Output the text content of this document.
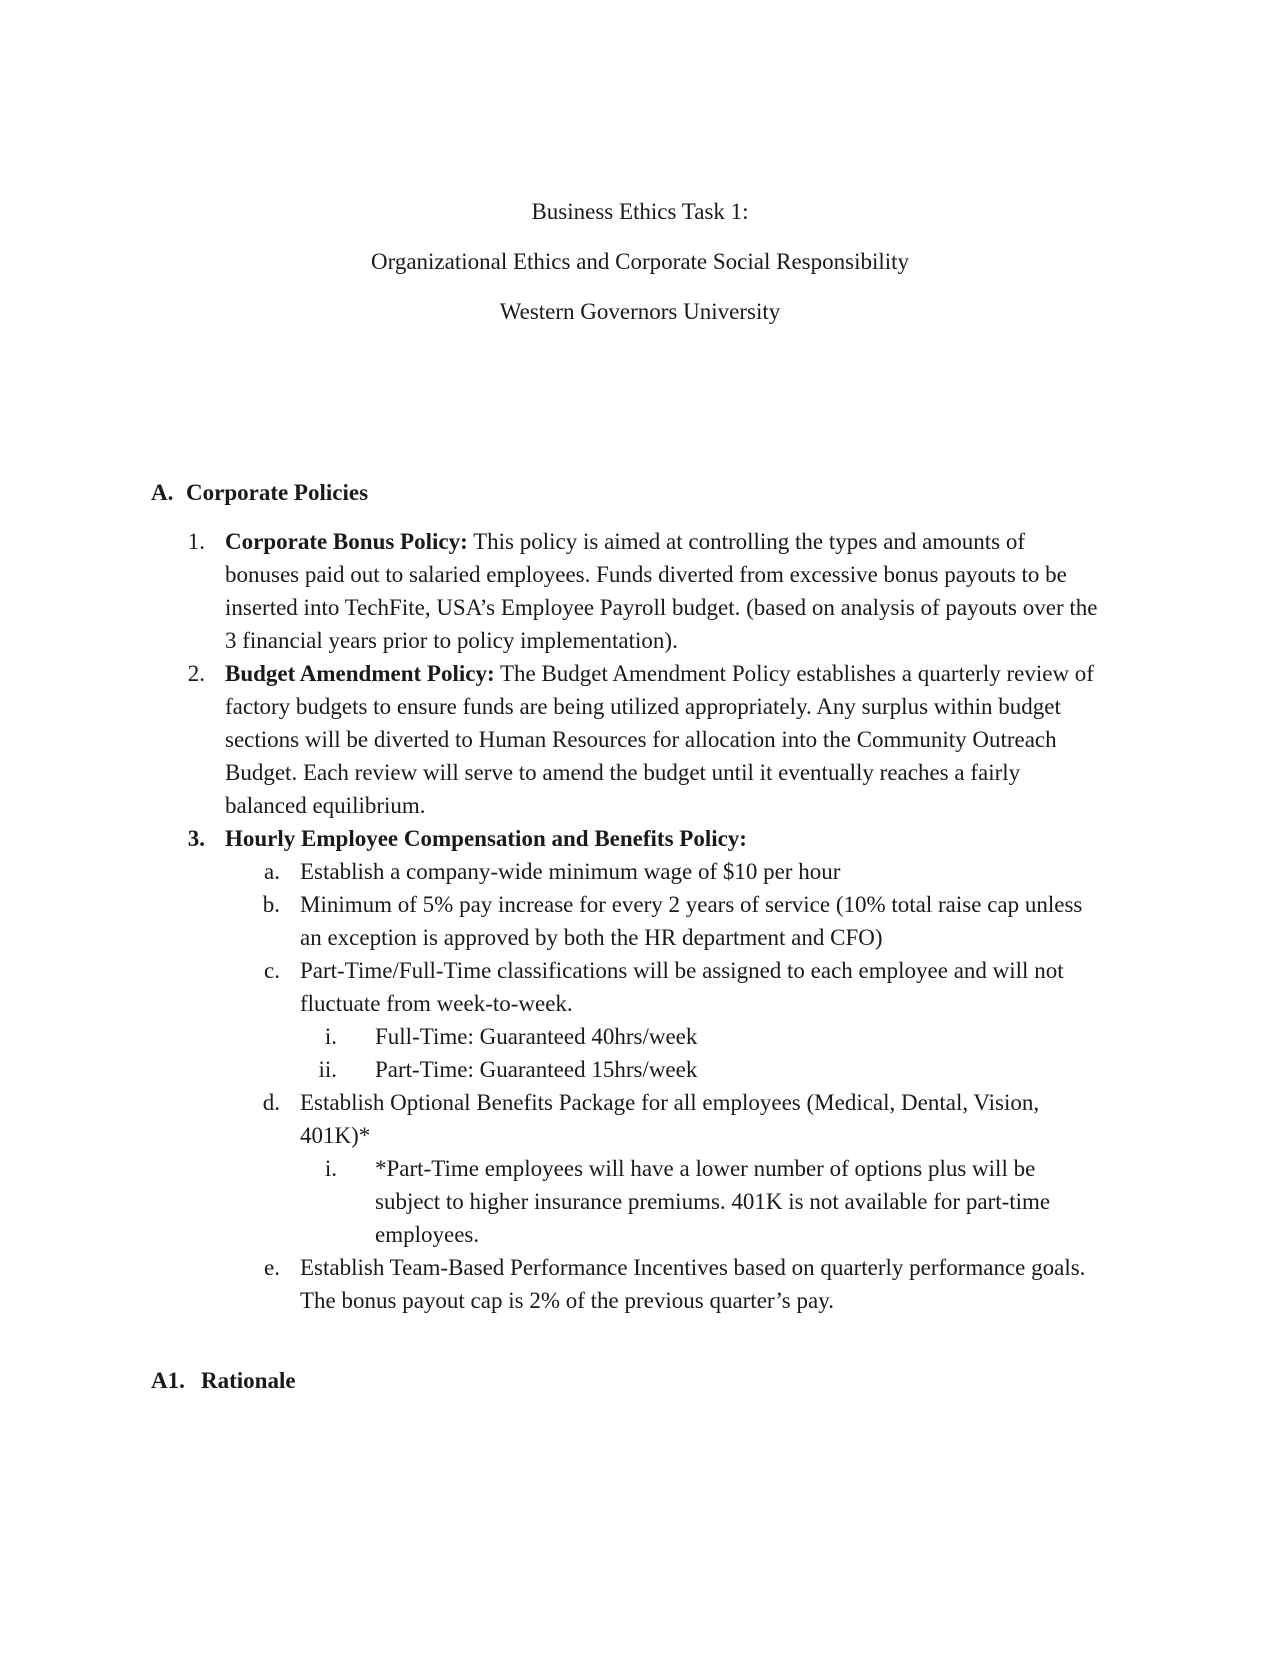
Business Ethics Task 1:

Organizational Ethics and Corporate Social Responsibility

Western Governors University

A. Corporate Policies
1. Corporate Bonus Policy: This policy is aimed at controlling the types and amounts of bonuses paid out to salaried employees. Funds diverted from excessive bonus payouts to be inserted into TechFite, USA’s Employee Payroll budget. (based on analysis of payouts over the 3 financial years prior to policy implementation).
2. Budget Amendment Policy: The Budget Amendment Policy establishes a quarterly review of factory budgets to ensure funds are being utilized appropriately. Any surplus within budget sections will be diverted to Human Resources for allocation into the Community Outreach Budget. Each review will serve to amend the budget until it eventually reaches a fairly balanced equilibrium.
3. Hourly Employee Compensation and Benefits Policy:
a. Establish a company-wide minimum wage of $10 per hour
b. Minimum of 5% pay increase for every 2 years of service (10% total raise cap unless an exception is approved by both the HR department and CFO)
c. Part-Time/Full-Time classifications will be assigned to each employee and will not fluctuate from week-to-week.
i. Full-Time: Guaranteed 40hrs/week
ii. Part-Time: Guaranteed 15hrs/week
d. Establish Optional Benefits Package for all employees (Medical, Dental, Vision, 401K)*
i. *Part-Time employees will have a lower number of options plus will be subject to higher insurance premiums. 401K is not available for part-time employees.
e. Establish Team-Based Performance Incentives based on quarterly performance goals. The bonus payout cap is 2% of the previous quarter’s pay.
A1. Rationale
